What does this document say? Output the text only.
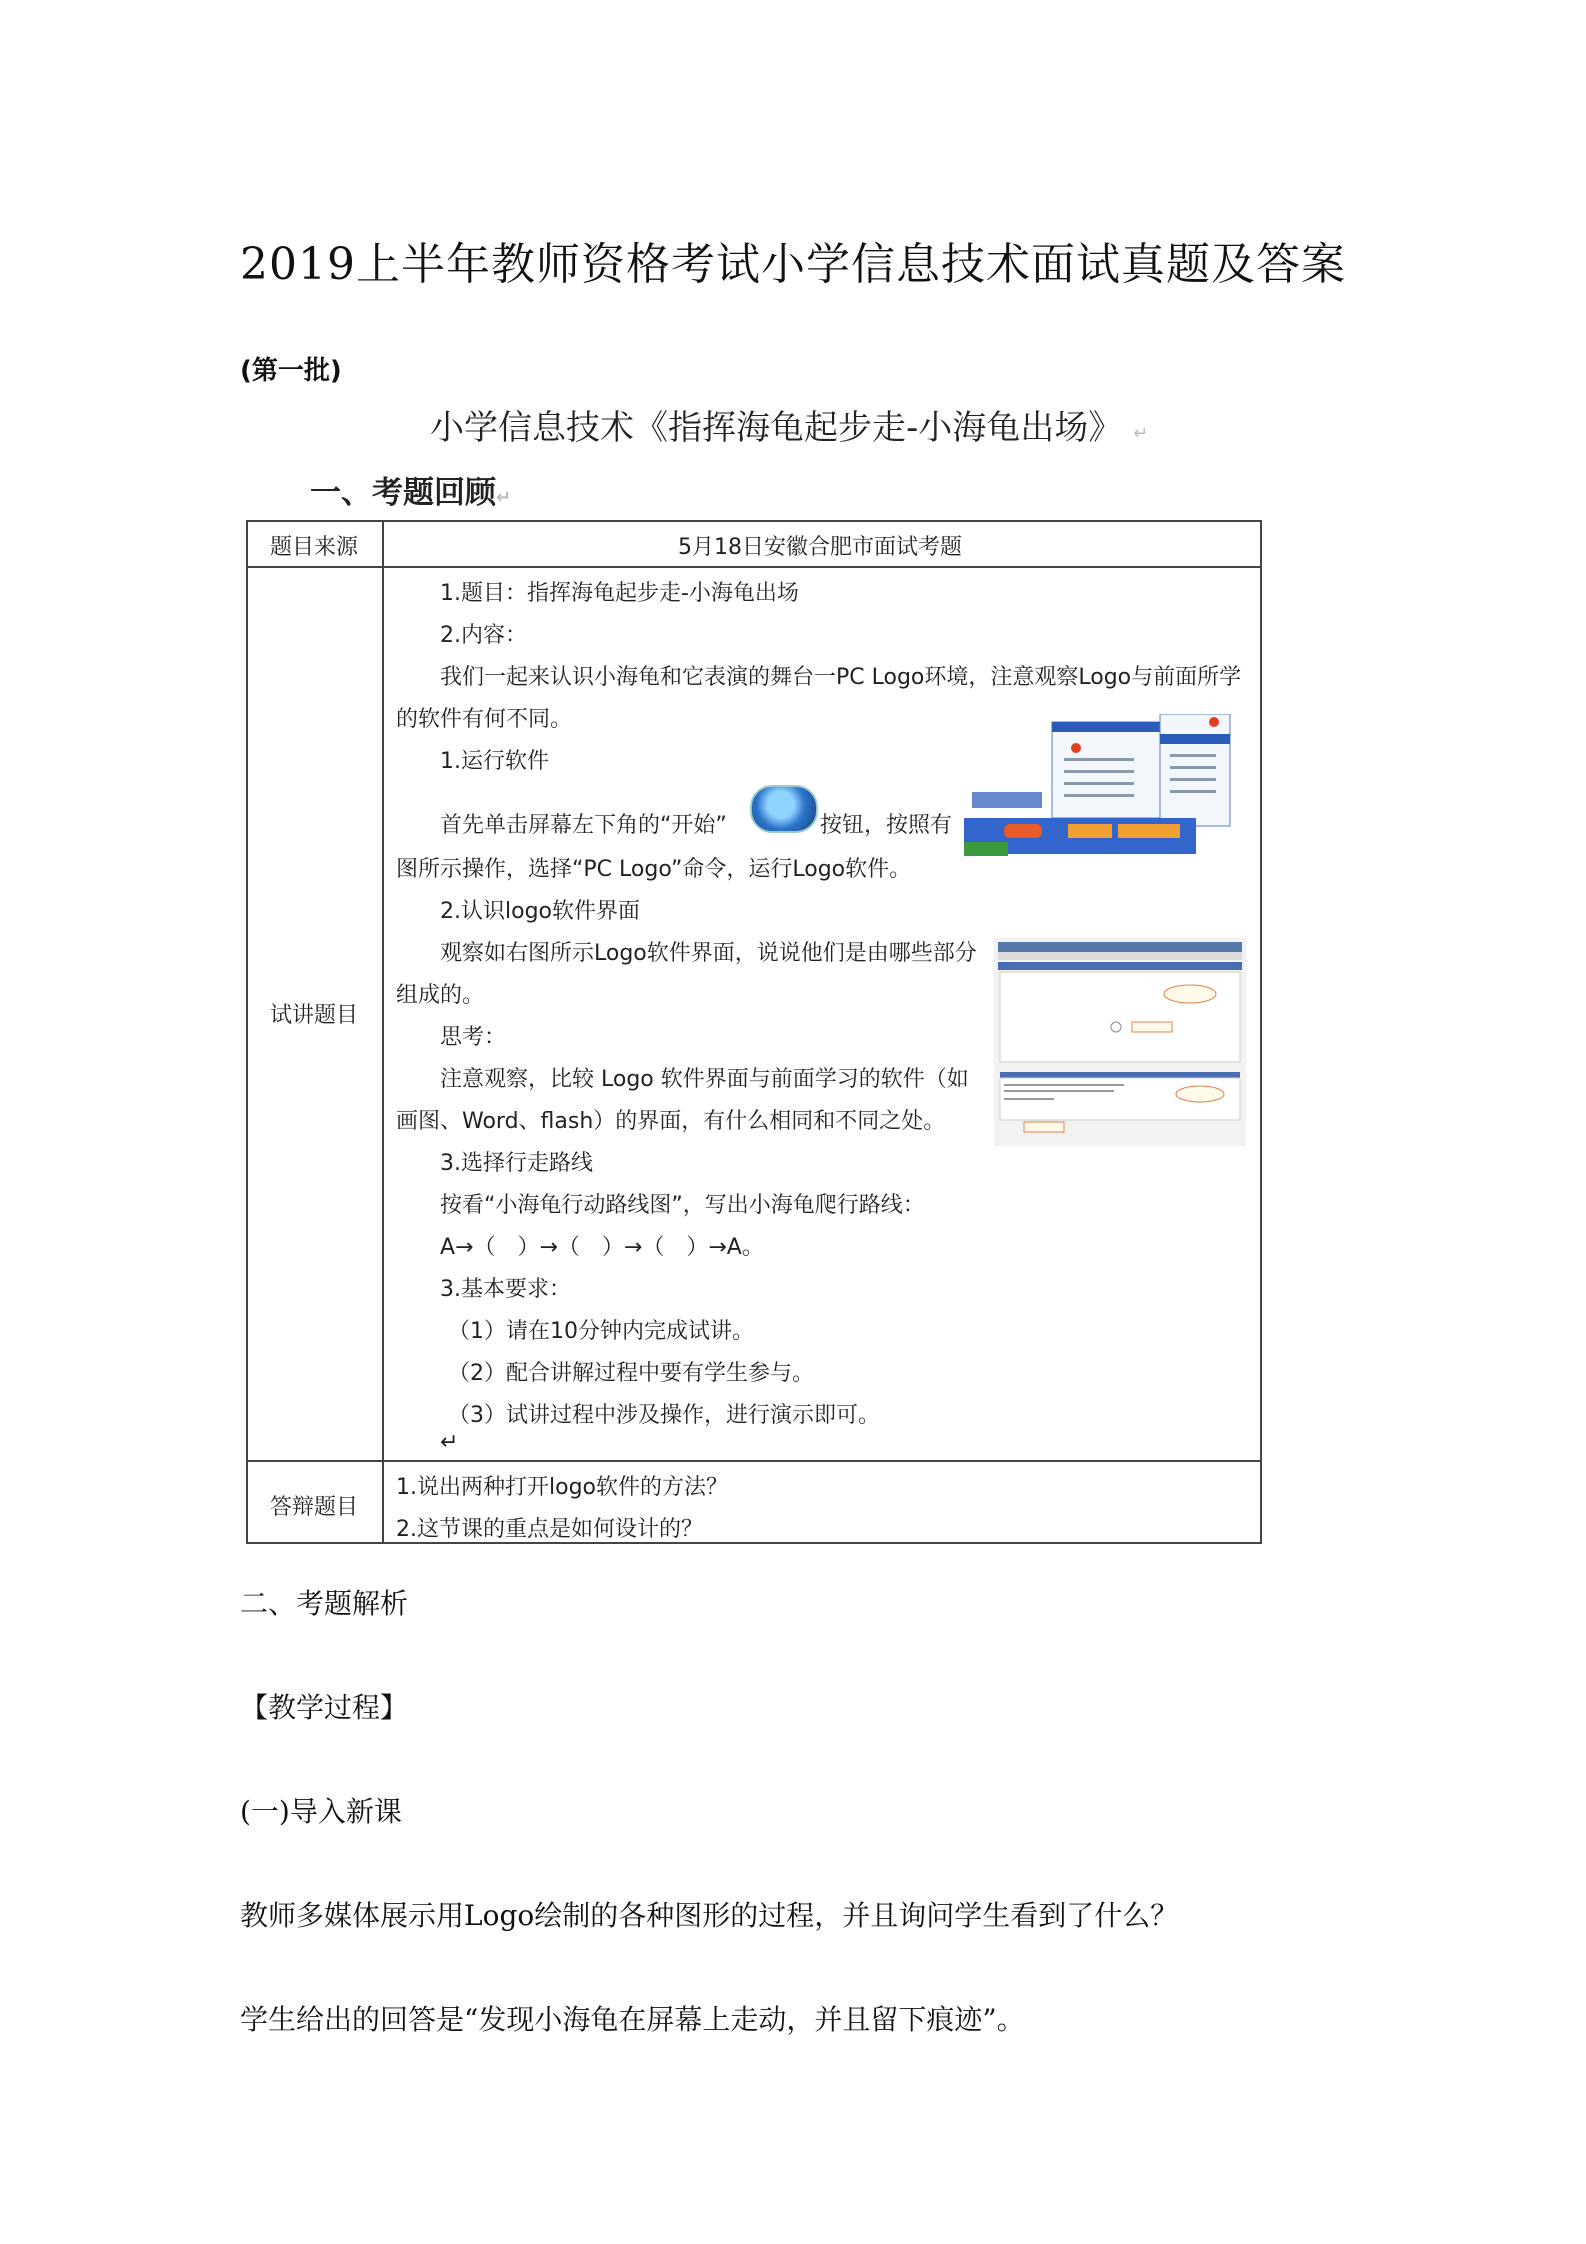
2019上半年教师资格考试小学信息技术面试真题及答案
(第一批)
小学信息技术《指挥海龟起步走-小海龟出场》 ↵
一、考题回顾↵
题目来源	5月18日安徽合肥市面试考题
试讲题目
1.题目：指挥海龟起步走-小海龟出场
2.内容：
我们一起来认识小海龟和它表演的舞台一PC Logo环境，注意观察Logo与前面所学
的软件有何不同。
1.运行软件
首先单击屏幕左下角的“开始”	按钮，按照有
图所示操作，选择“PC Logo”命令，运行Logo软件。
2.认识logo软件界面
观察如右图所示Logo软件界面，说说他们是由哪些部分
组成的。
思考：
注意观察，比较 Logo 软件界面与前面学习的软件（如
画图、Word、flash）的界面，有什么相同和不同之处。
3.选择行走路线
按看“小海龟行动路线图”，写出小海龟爬行路线：
A→（　）→（　）→（　）→A。
3.基本要求：
（1）请在10分钟内完成试讲。
（2）配合讲解过程中要有学生参与。
（3）试讲过程中涉及操作，进行演示即可。
↵
答辩题目
1.说出两种打开logo软件的方法？
2.这节课的重点是如何设计的？
二、考题解析
【教学过程】
(一)导入新课
教师多媒体展示用Logo绘制的各种图形的过程，并且询问学生看到了什么？
学生给出的回答是“发现小海龟在屏幕上走动，并且留下痕迹”。
